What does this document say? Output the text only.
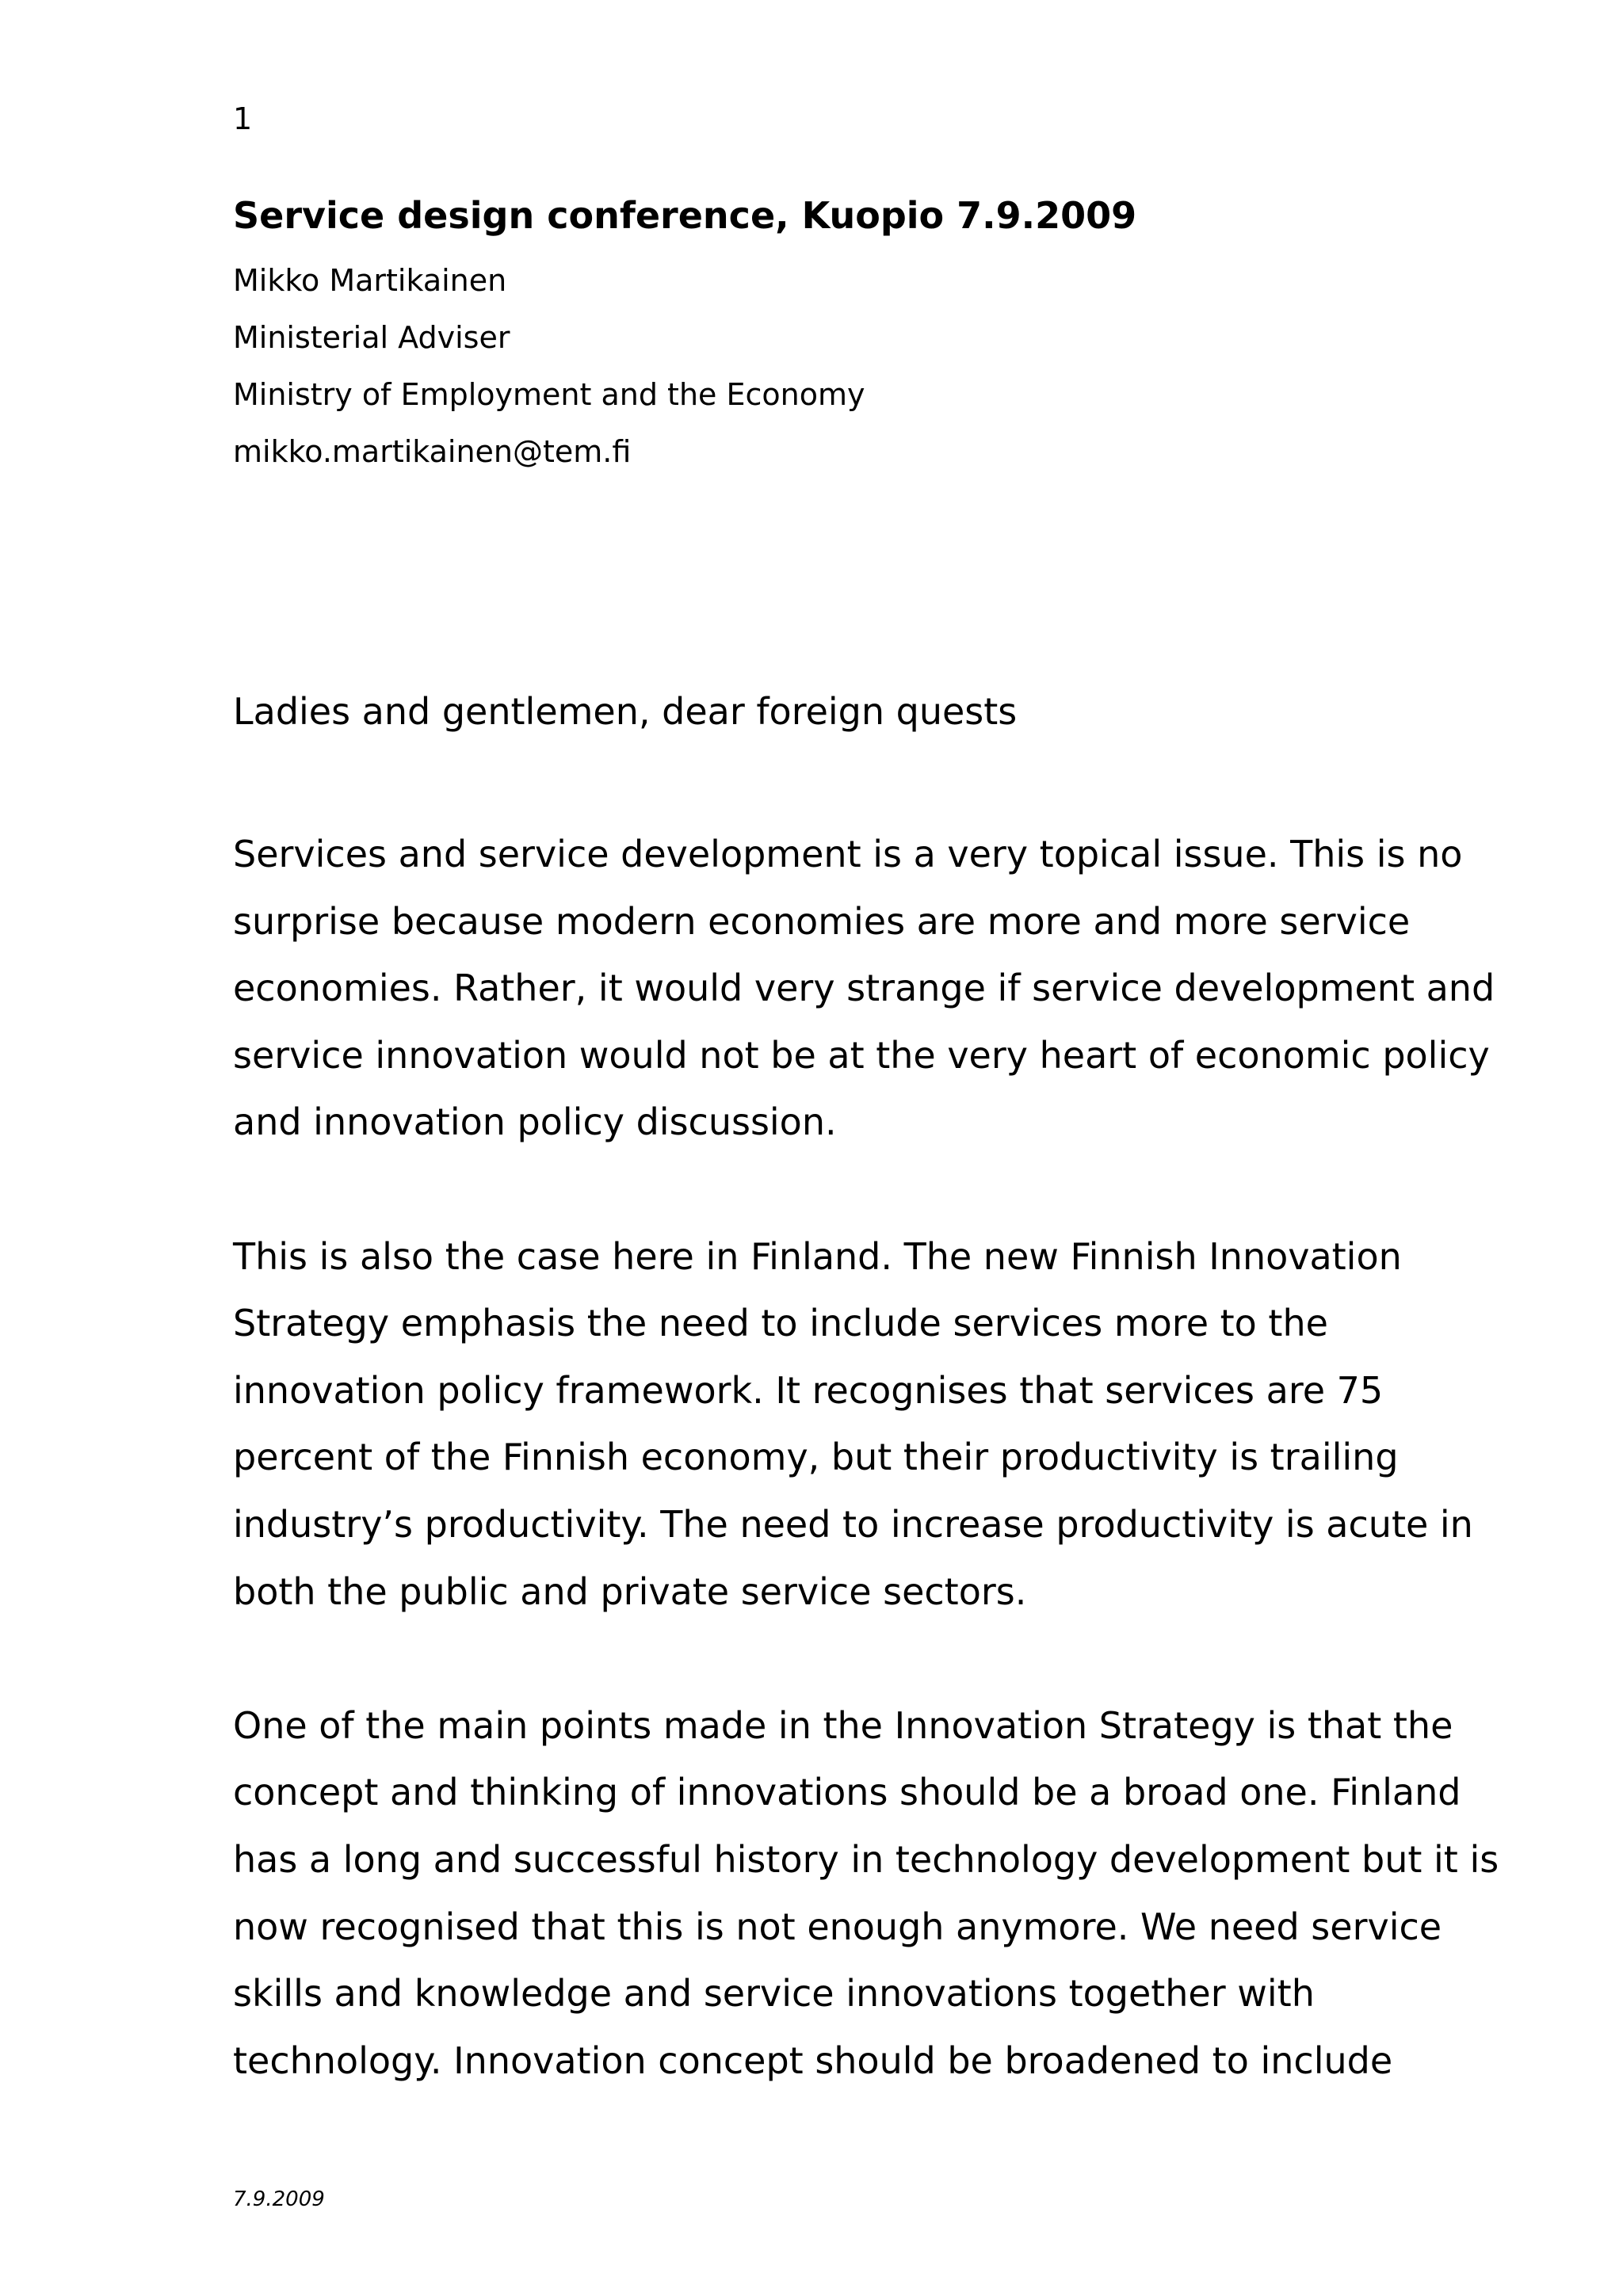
1
Service design conference, Kuopio 7.9.2009
Mikko Martikainen
Ministerial Adviser
Ministry of Employment and the Economy
mikko.martikainen@tem.fi
Ladies and gentlemen, dear foreign quests
Services and service development is a very topical issue. This is no
surprise because modern economies are more and more service
economies. Rather, it would very strange if service development and
service innovation would not be at the very heart of economic policy
and innovation policy discussion.
This is also the case here in Finland. The new Finnish Innovation
Strategy emphasis the need to include services more to the
innovation policy framework. It recognises that services are 75
percent of the Finnish economy, but their productivity is trailing
industry’s productivity. The need to increase productivity is acute in
both the public and private service sectors.
One of the main points made in the Innovation Strategy is that the
concept and thinking of innovations should be a broad one. Finland
has a long and successful history in technology development but it is
now recognised that this is not enough anymore. We need service
skills and knowledge and service innovations together with
technology. Innovation concept should be broadened to include
7.9.2009
